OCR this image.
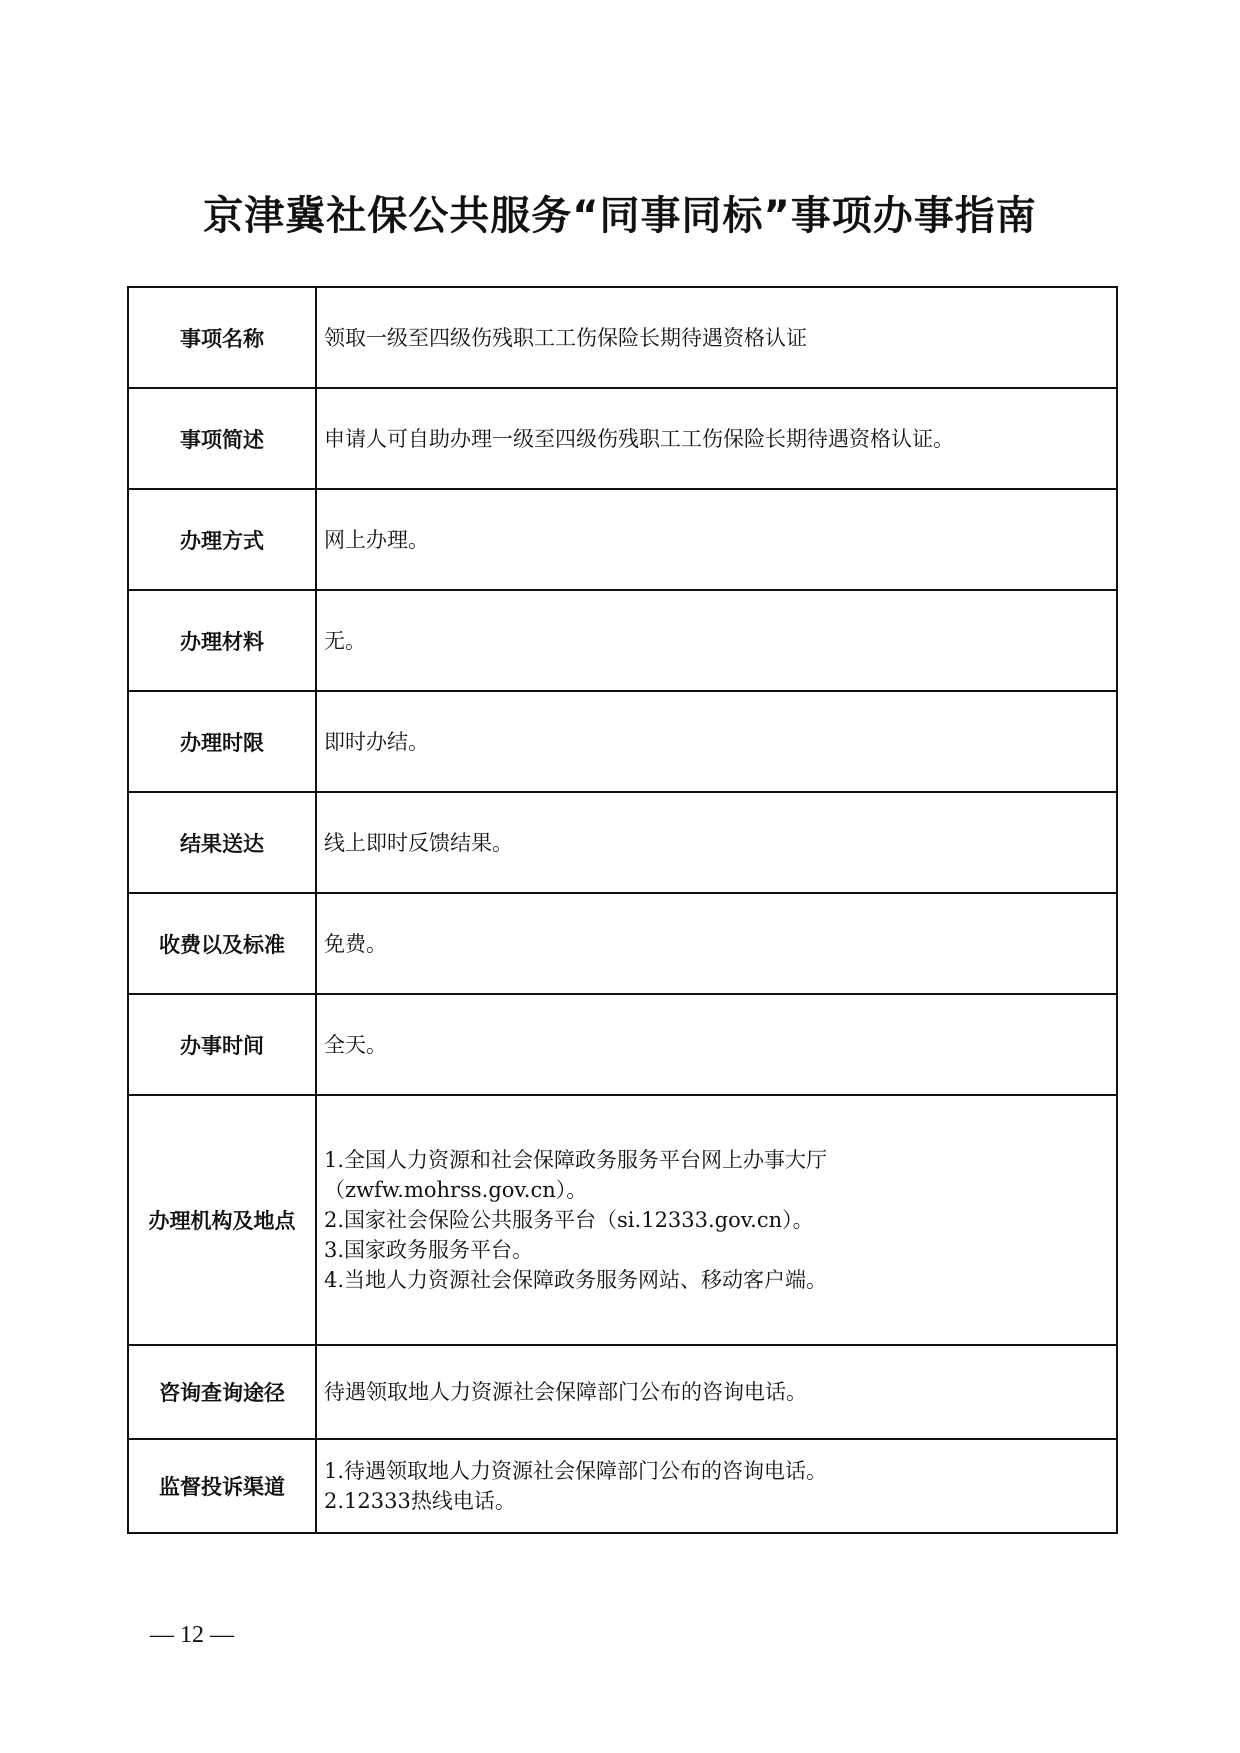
京津冀社保公共服务“同事同标”事项办事指南
事项名称	领取一级至四级伤残职工工伤保险长期待遇资格认证

事项简述	申请人可自助办理一级至四级伤残职工工伤保险长期待遇资格认证。

办理方式	网上办理。

办理材料	无。

办理时限	即时办结。

结果送达	线上即时反馈结果。

收费以及标准	免费。

办事时间	全天。

办理机构及地点	1.全国人力资源和社会保障政务服务平台网上办事大厅
（zwfw.mohrss.gov.cn）。
2.国家社会保险公共服务平台（si.12333.gov.cn）。
3.国家政务服务平台。
4.当地人力资源社会保障政务服务网站、移动客户端。

咨询查询途径	待遇领取地人力资源社会保障部门公布的咨询电话。

监督投诉渠道	1.待遇领取地人力资源社会保障部门公布的咨询电话。
2.12333热线电话。
— 12 —
